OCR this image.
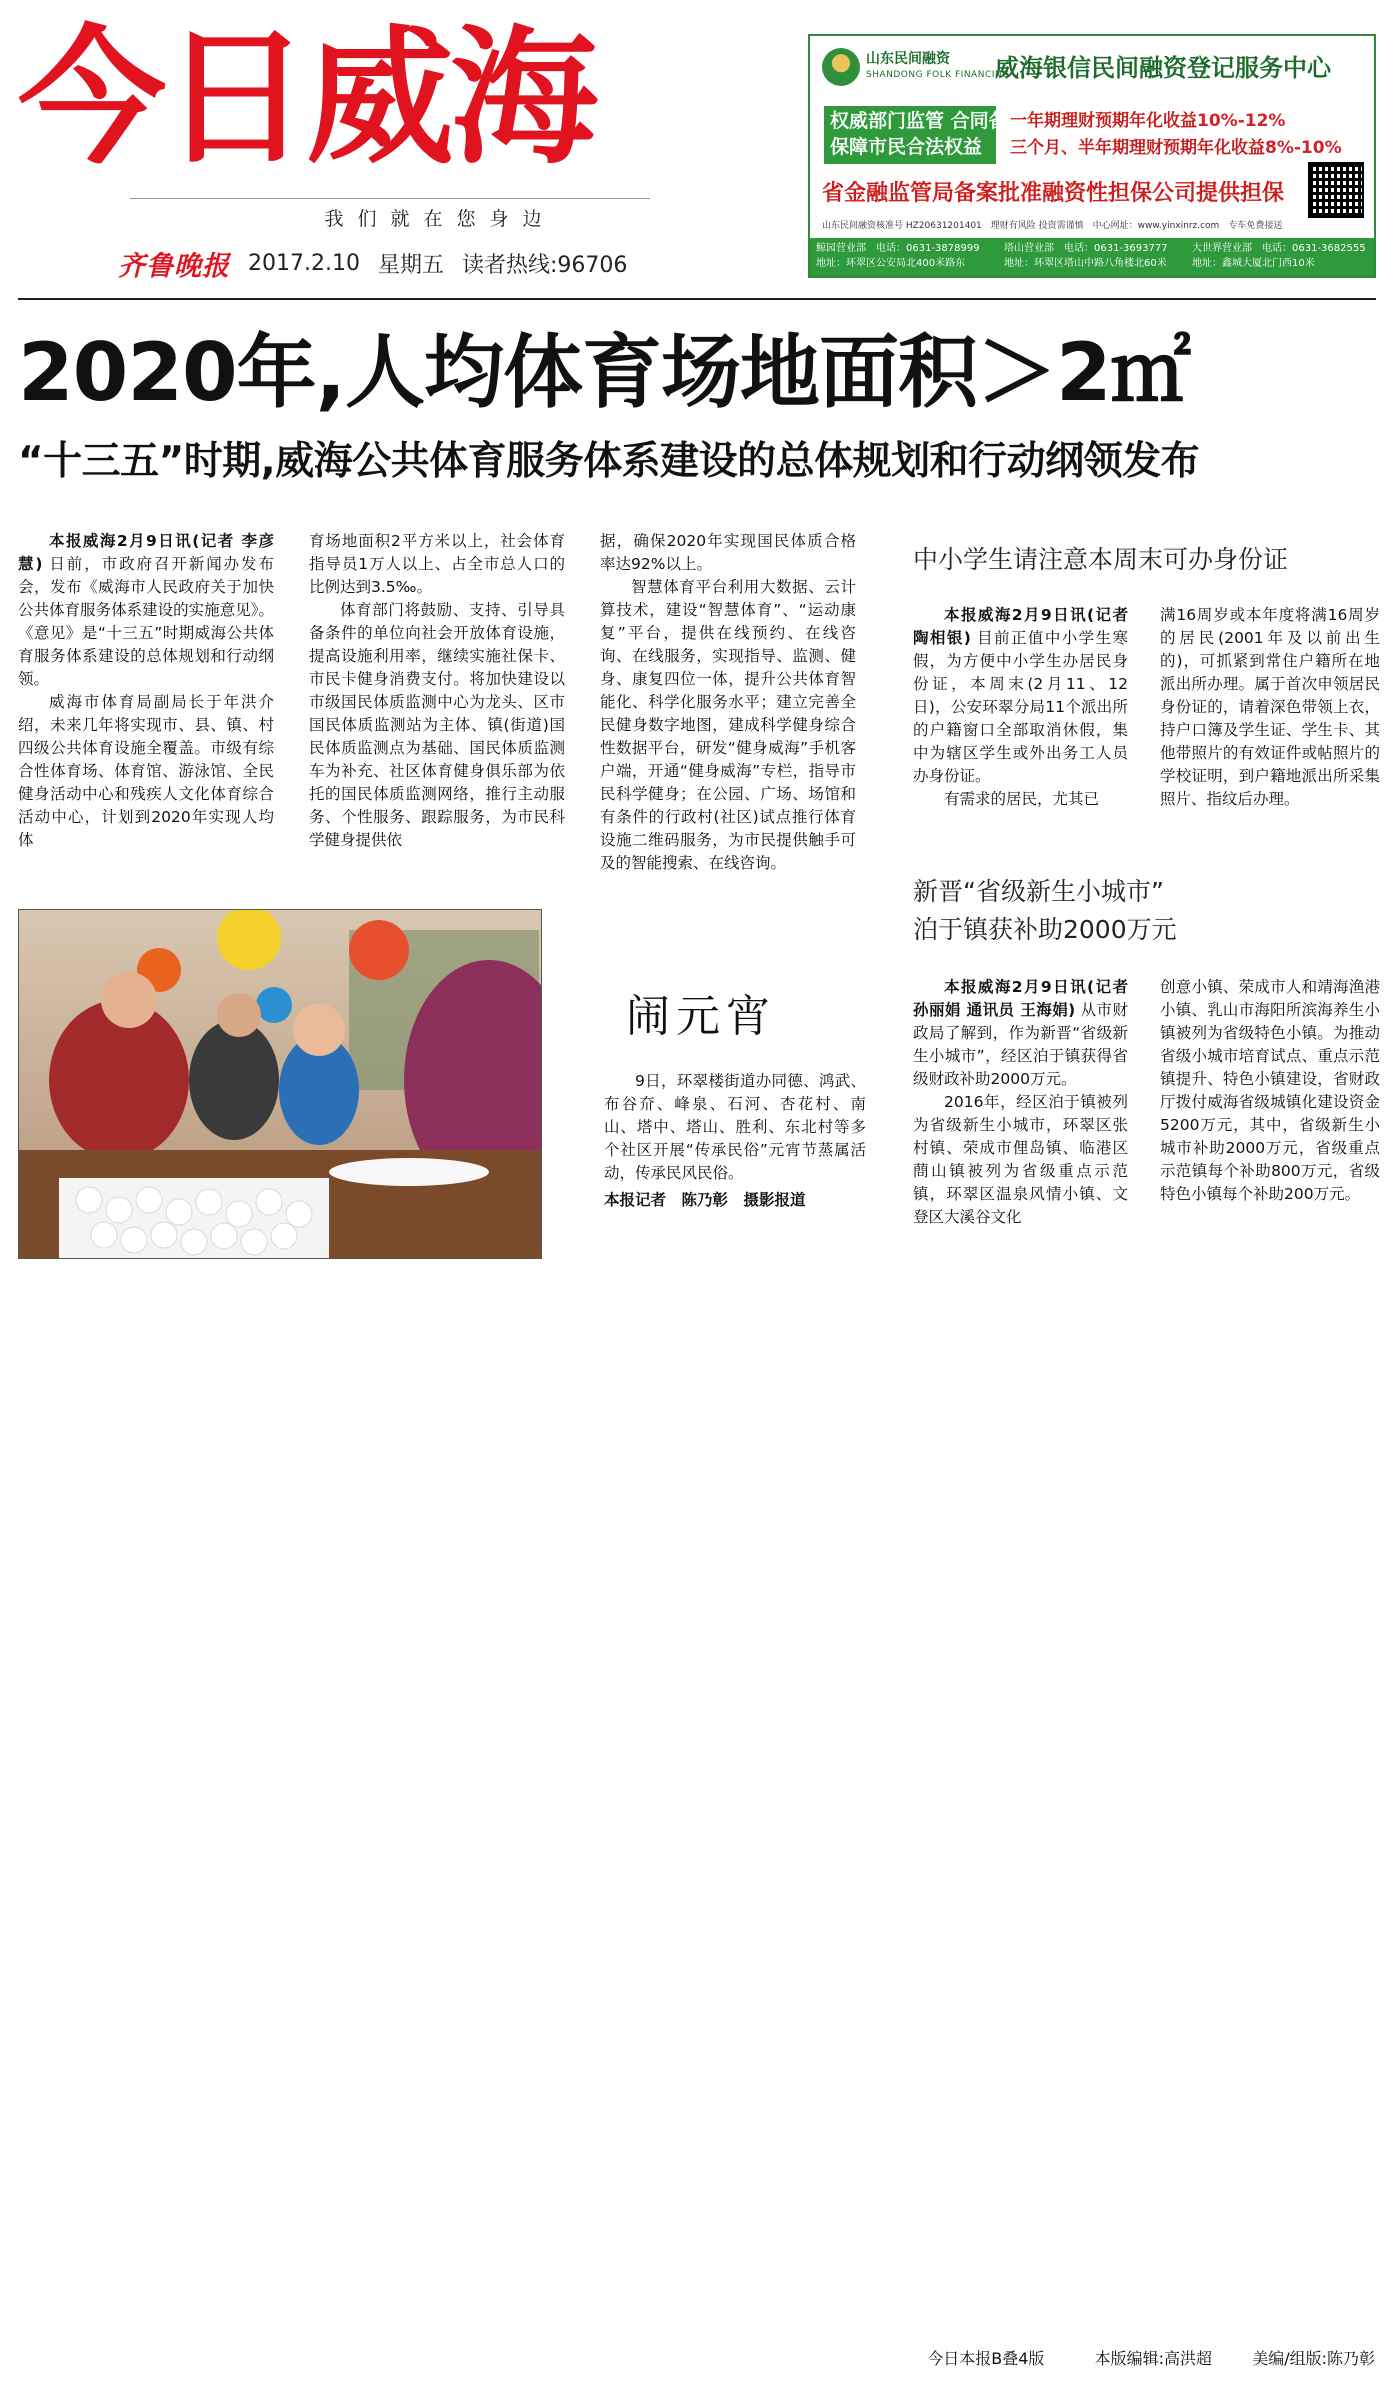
今日威海
我们就在您身边
齐鲁晚报 2017.2.10 星期五 读者热线:96706
山东民间融资
SHANDONG FOLK FINANCING
威海银信民间融资登记服务中心
权威部门监管 合同备案
保障市民合法权益
一年期理财预期年化收益10%-12%
三个月、半年期理财预期年化收益8%-10%
省金融监管局备案批准融资性担保公司提供担保
山东民间融资核准号 HZ20631201401　理财有风险 投资需谨慎　中心网址：www.yinxinrz.com　专车免费接送
鲸园营业部　电话：0631-3878999
地址：环翠区公安局北400米路东
塔山营业部　电话：0631-3693777
地址：环翠区塔山中路八角楼北60米
大世界营业部　电话：0631-3682555
地址：鑫城大厦北门西10米
2020年,人均体育场地面积＞2㎡
“十三五”时期,威海公共体育服务体系建设的总体规划和行动纲领发布

本报威海2月9日讯(记者 李彦慧) 日前，市政府召开新闻办发布会，发布《威海市人民政府关于加快公共体育服务体系建设的实施意见》。《意见》是“十三五”时期威海公共体育服务体系建设的总体规划和行动纲领。

威海市体育局副局长于年洪介绍，未来几年将实现市、县、镇、村四级公共体育设施全覆盖。市级有综合性体育场、体育馆、游泳馆、全民健身活动中心和残疾人文化体育综合活动中心，计划到2020年实现人均体

育场地面积2平方米以上，社会体育指导员1万人以上、占全市总人口的比例达到3.5‰。

体育部门将鼓励、支持、引导具备条件的单位向社会开放体育设施，提高设施利用率，继续实施社保卡、市民卡健身消费支付。将加快建设以市级国民体质监测中心为龙头、区市国民体质监测站为主体、镇(街道)国民体质监测点为基础、国民体质监测车为补充、社区体育健身俱乐部为依托的国民体质监测网络，推行主动服务、个性服务、跟踪服务，为市民科学健身提供依

据，确保2020年实现国民体质合格率达92%以上。

智慧体育平台利用大数据、云计算技术，建设“智慧体育”、“运动康复”平台，提供在线预约、在线咨询、在线服务，实现指导、监测、健身、康复四位一体，提升公共体育智能化、科学化服务水平；建立完善全民健身数字地图，建成科学健身综合性数据平台，研发“健身威海”手机客户端，开通“健身威海”专栏，指导市民科学健身；在公园、广场、场馆和有条件的行政村(社区)试点推行体育设施二维码服务，为市民提供触手可及的智能搜索、在线咨询。

中小学生请注意本周末可办身份证

本报威海2月9日讯(记者 陶相银) 目前正值中小学生寒假，为方便中小学生办居民身份证，本周末(2月11、12日)，公安环翠分局11个派出所的户籍窗口全部取消休假，集中为辖区学生或外出务工人员办身份证。

有需求的居民，尤其已

满16周岁或本年度将满16周岁的居民(2001年及以前出生的)，可抓紧到常住户籍所在地派出所办理。属于首次申领居民身份证的，请着深色带领上衣，持户口簿及学生证、学生卡、其他带照片的有效证件或帖照片的学校证明，到户籍地派出所采集照片、指纹后办理。

新晋“省级新生小城市”
泊于镇获补助2000万元

本报威海2月9日讯(记者 孙丽娟 通讯员 王海娟) 从市财政局了解到，作为新晋“省级新生小城市”，经区泊于镇获得省级财政补助2000万元。

2016年，经区泊于镇被列为省级新生小城市，环翠区张村镇、荣成市俚岛镇、临港区蔄山镇被列为省级重点示范镇，环翠区温泉风情小镇、文登区大溪谷文化

创意小镇、荣成市人和靖海渔港小镇、乳山市海阳所滨海养生小镇被列为省级特色小镇。为推动省级小城市培育试点、重点示范镇提升、特色小镇建设，省财政厅拨付威海省级城镇化建设资金5200万元，其中，省级新生小城市补助2000万元，省级重点示范镇每个补助800万元，省级特色小镇每个补助200万元。

闹元宵

9日，环翠楼街道办同德、鸿武、布谷夼、峰泉、石河、杏花村、南山、塔中、塔山、胜利、东北村等多个社区开展“传承民俗”元宵节蒸属活动，传承民风民俗。

本报记者　陈乃彰　摄影报道
今日本报B叠4版	本版编辑:高洪超	美编/组版:陈乃彰
